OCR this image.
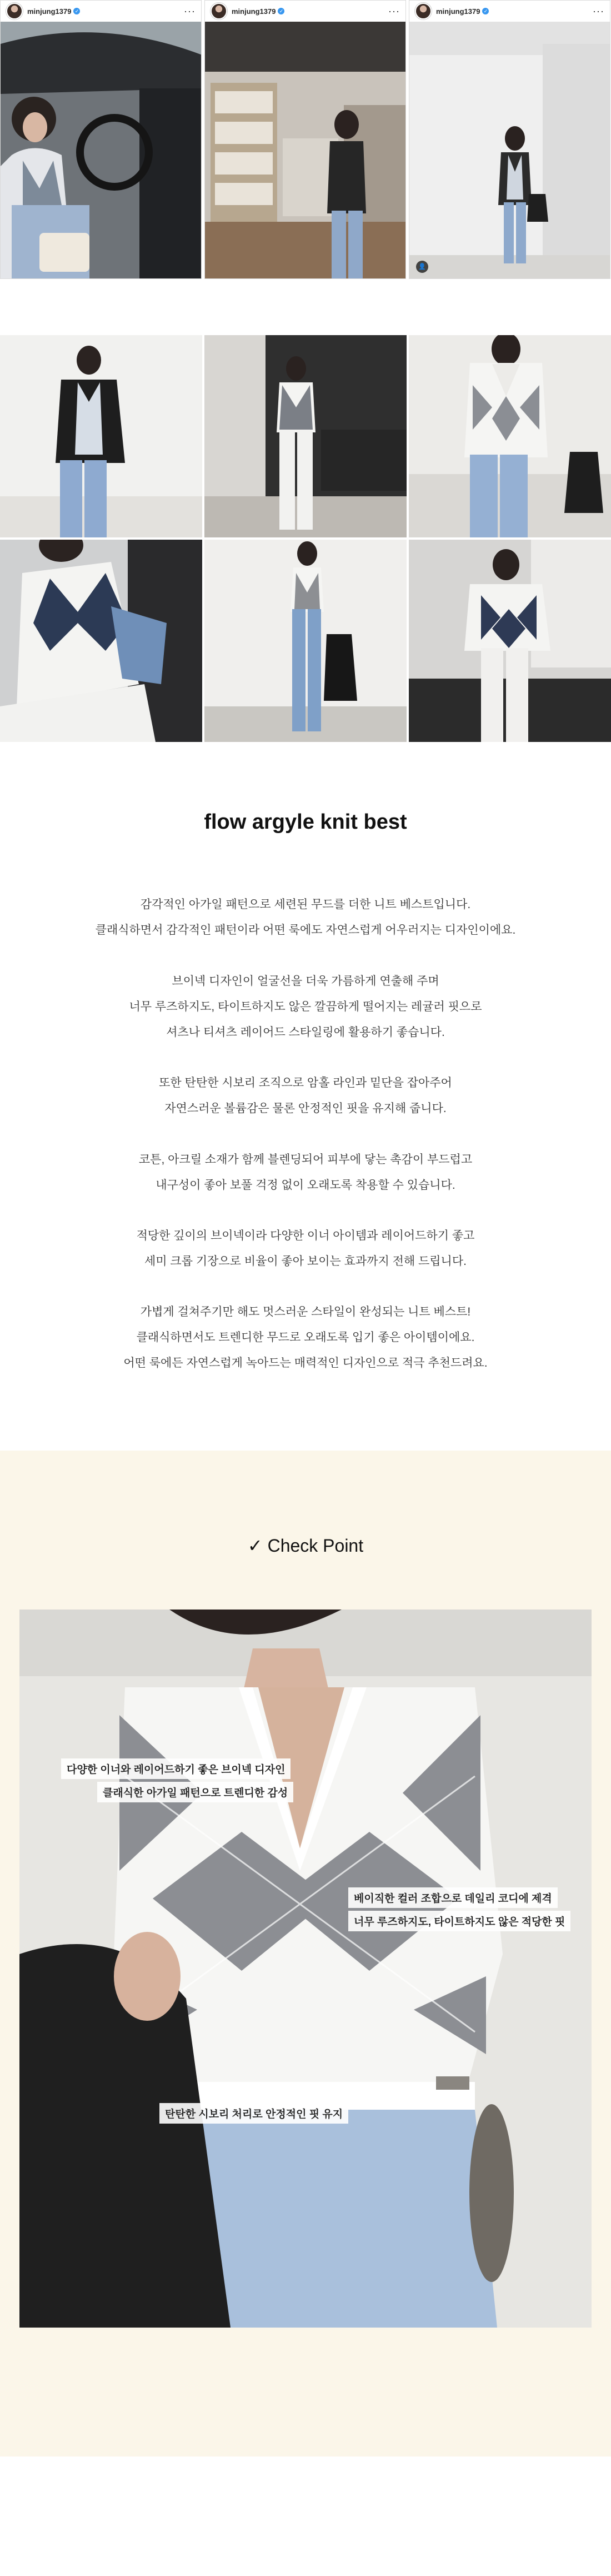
minjung1379 ✓	···	minjung1379 ✓	···	minjung1379 ✓	···
👤
flow argyle knit best
감각적인 아가일 패턴으로 세련된 무드를 더한 니트 베스트입니다.
클래식하면서 감각적인 패턴이라 어떤 룩에도 자연스럽게 어우러지는 디자인이에요.
브이넥 디자인이 얼굴선을 더욱 가름하게 연출해 주며
너무 루즈하지도, 타이트하지도 않은 깔끔하게 떨어지는 레귤러 핏으로
셔츠나 티셔츠 레이어드 스타일링에 활용하기 좋습니다.
또한 탄탄한 시보리 조직으로 암홀 라인과 밑단을 잡아주어
자연스러운 볼륨감은 물론 안정적인 핏을 유지해 줍니다.
코튼, 아크릴 소재가 함께 블렌딩되어 피부에 닿는 촉감이 부드럽고
내구성이 좋아 보풀 걱정 없이 오래도록 착용할 수 있습니다.
적당한 깊이의 브이넥이라 다양한 이너 아이템과 레이어드하기 좋고
세미 크롭 기장으로 비율이 좋아 보이는 효과까지 전해 드립니다.
가볍게 걸쳐주기만 해도 멋스러운 스타일이 완성되는 니트 베스트!
클래식하면서도 트렌디한 무드로 오래도록 입기 좋은 아이템이에요.
어떤 룩에든 자연스럽게 녹아드는 매력적인 디자인으로 적극 추천드려요.
✓ Check Point
다양한 이너와 레이어드하기 좋은 브이넥 디자인
클래식한 아가일 패턴으로 트렌디한 감성
베이직한 컬러 조합으로 데일리 코디에 제격
너무 루즈하지도, 타이트하지도 않은 적당한 핏
탄탄한 시보리 처리로 안정적인 핏 유지
